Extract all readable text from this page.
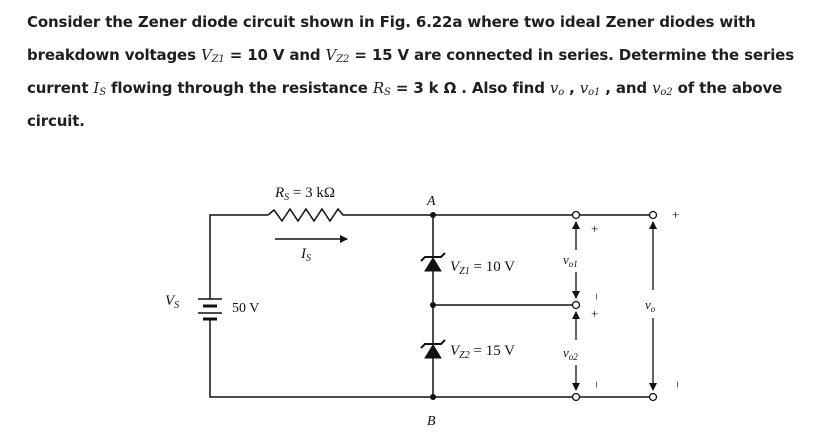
Consider the Zener diode circuit shown in Fig. 6.22a where two ideal Zener diodes with
breakdown voltages $V_{Z1} = 10$ V and $V_{Z2} = 15$ V are connected in series. Determine the series
current $I_S$ flowing through the resistance $R_S = 3$ k Ω . Also find $v_o$ , $v_{o1}$ , and $v_{o2}$ of the above
circuit.
$R_S = 3$ kΩ
$I_S$
$V_S$	50 V
A
B
$V_{Z1} = 10$ V
$V_{Z2} = 15$ V
$v_{o1}$
$v_{o2}$
$v_o$
+
−
+
−
+
−
